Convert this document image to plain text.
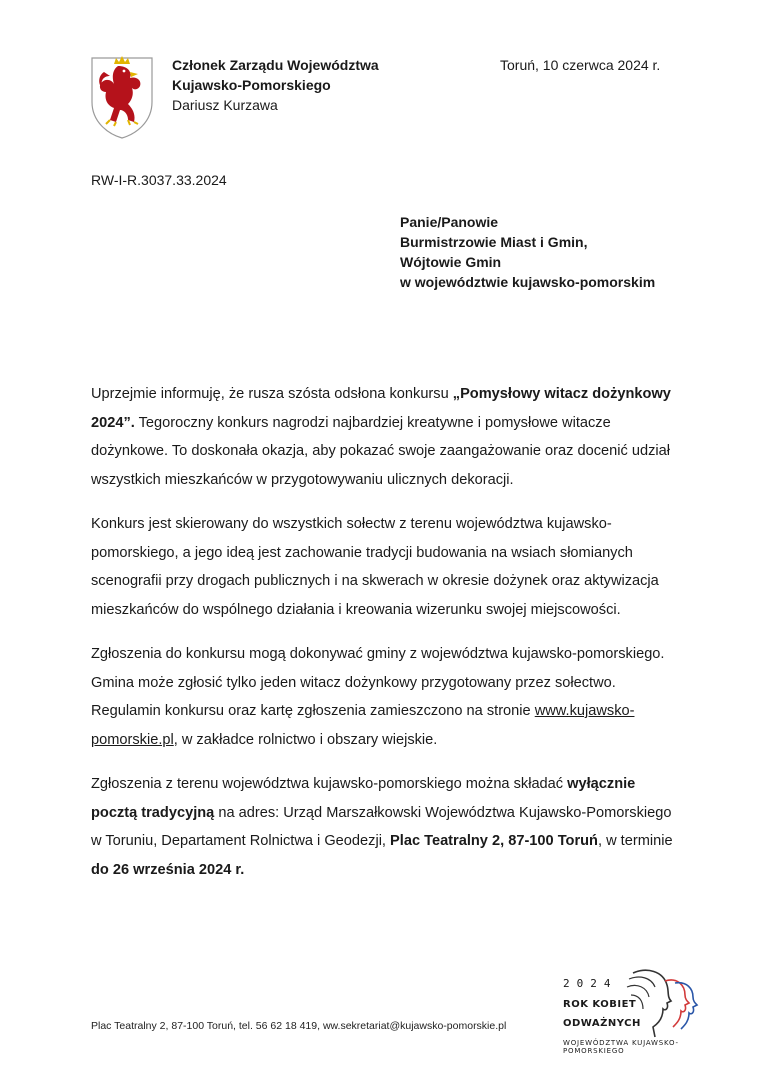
Członek Zarządu Województwa
Kujawsko-Pomorskiego
Dariusz Kurzawa
Toruń, 10 czerwca 2024 r.
RW-I-R.3037.33.2024
Panie/Panowie
Burmistrzowie Miast i Gmin,
Wójtowie Gmin
w województwie kujawsko-pomorskim

Uprzejmie informuję, że rusza szósta odsłona konkursu „Pomysłowy witacz dożynkowy 2024”. Tegoroczny konkurs nagrodzi najbardziej kreatywne i pomysłowe witacze dożynkowe. To doskonała okazja, aby pokazać swoje zaangażowanie oraz docenić udział wszystkich mieszkańców w przygotowywaniu ulicznych dekoracji.

Konkurs jest skierowany do wszystkich sołectw z terenu województwa kujawsko-pomorskiego, a jego ideą jest zachowanie tradycji budowania na wsiach słomianych scenografii przy drogach publicznych i na skwerach w okresie dożynek oraz aktywizacja mieszkańców do wspólnego działania i kreowania wizerunku swojej miejscowości.

Zgłoszenia do konkursu mogą dokonywać gminy z województwa kujawsko-pomorskiego. Gmina może zgłosić tylko jeden witacz dożynkowy przygotowany przez sołectwo. Regulamin konkursu oraz kartę zgłoszenia zamieszczono na stronie www.kujawsko-pomorskie.pl, w zakładce rolnictwo i obszary wiejskie.

Zgłoszenia z terenu województwa kujawsko-pomorskiego można składać wyłącznie pocztą tradycyjną na adres: Urząd Marszałkowski Województwa Kujawsko-Pomorskiego w Toruniu, Departament Rolnictwa i Geodezji, Plac Teatralny 2, 87-100 Toruń, w terminie do 26 września 2024 r.

Plac Teatralny 2, 87-100 Toruń, tel. 56 62 18 419, ww.sekretariat@kujawsko-pomorskie.pl
2024
ROK KOBIET
ODWAŻNYCH
WOJEWÓDZTWA KUJAWSKO-POMORSKIEGO
